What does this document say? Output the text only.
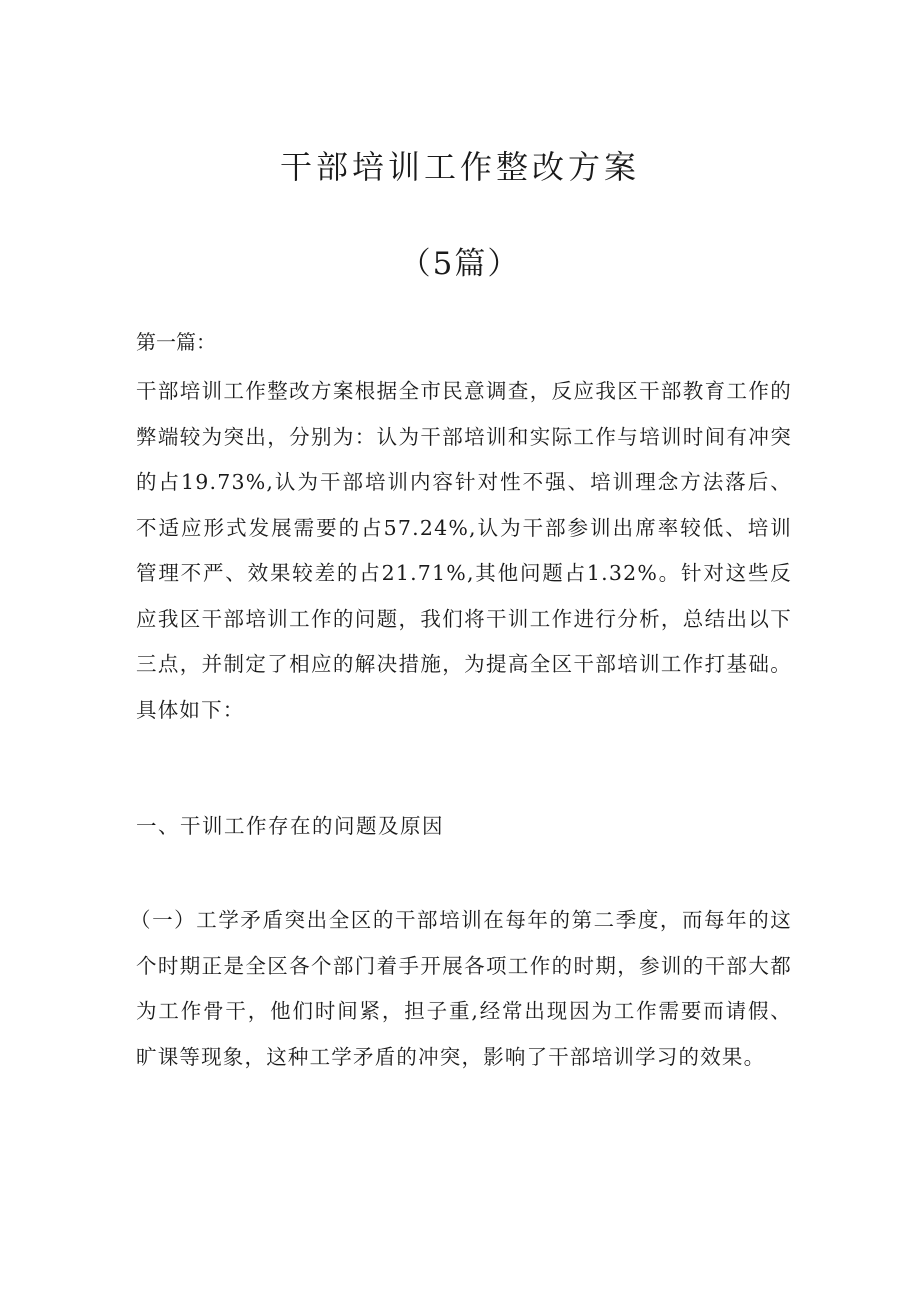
干部培训工作整改方案
（5篇）

第一篇：

干部培训工作整改方案根据全市民意调查，反应我区干部教育工作的弊端较为突出，分别为：认为干部培训和实际工作与培训时间有冲突的占19.73%,认为干部培训内容针对性不强、培训理念方法落后、不适应形式发展需要的占57.24%,认为干部参训出席率较低、培训管理不严、效果较差的占21.71%,其他问题占1.32%。针对这些反应我区干部培训工作的问题，我们将干训工作进行分析，总结出以下三点，并制定了相应的解决措施，为提高全区干部培训工作打基础。具体如下：

一、干训工作存在的问题及原因

（一）工学矛盾突出全区的干部培训在每年的第二季度，而每年的这个时期正是全区各个部门着手开展各项工作的时期，参训的干部大都为工作骨干，他们时间紧，担子重,经常出现因为工作需要而请假、旷课等现象，这种工学矛盾的冲突，影响了干部培训学习的效果。
